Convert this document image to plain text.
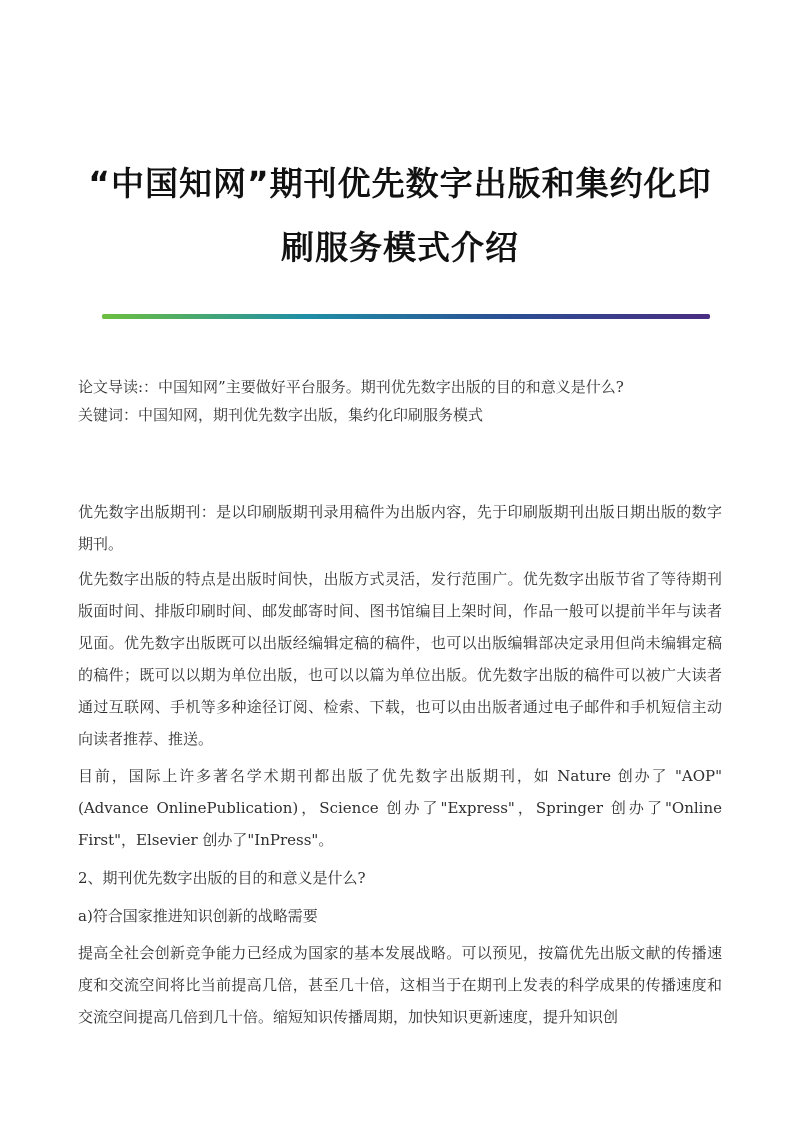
“中国知网”期刊优先数字出版和集约化印
刷服务模式介绍
论文导读:：中国知网”主要做好平台服务。期刊优先数字出版的目的和意义是什么?
关键词：中国知网，期刊优先数字出版，集约化印刷服务模式

优先数字出版期刊：是以印刷版期刊录用稿件为出版内容，先于印刷版期刊出版日期出版的数字期刊。

优先数字出版的特点是出版时间快，出版方式灵活，发行范围广。优先数字出版节省了等待期刊版面时间、排版印刷时间、邮发邮寄时间、图书馆编目上架时间，作品一般可以提前半年与读者见面。优先数字出版既可以出版经编辑定稿的稿件，也可以出版编辑部决定录用但尚未编辑定稿的稿件；既可以以期为单位出版，也可以以篇为单位出版。优先数字出版的稿件可以被广大读者通过互联网、手机等多种途径订阅、检索、下载，也可以由出版者通过电子邮件和手机短信主动向读者推荐、推送。

目前，国际上许多著名学术期刊都出版了优先数字出版期刊，如 Nature 创办了 "AOP"(Advance OnlinePublication)，Science 创办了"Express"，Springer 创办了"Online First"，Elsevier 创办了"InPress"。

2、期刊优先数字出版的目的和意义是什么?

a)符合国家推进知识创新的战略需要

提高全社会创新竞争能力已经成为国家的基本发展战略。可以预见，按篇优先出版文献的传播速度和交流空间将比当前提高几倍，甚至几十倍，这相当于在期刊上发表的科学成果的传播速度和交流空间提高几倍到几十倍。缩短知识传播周期，加快知识更新速度，提升知识创
